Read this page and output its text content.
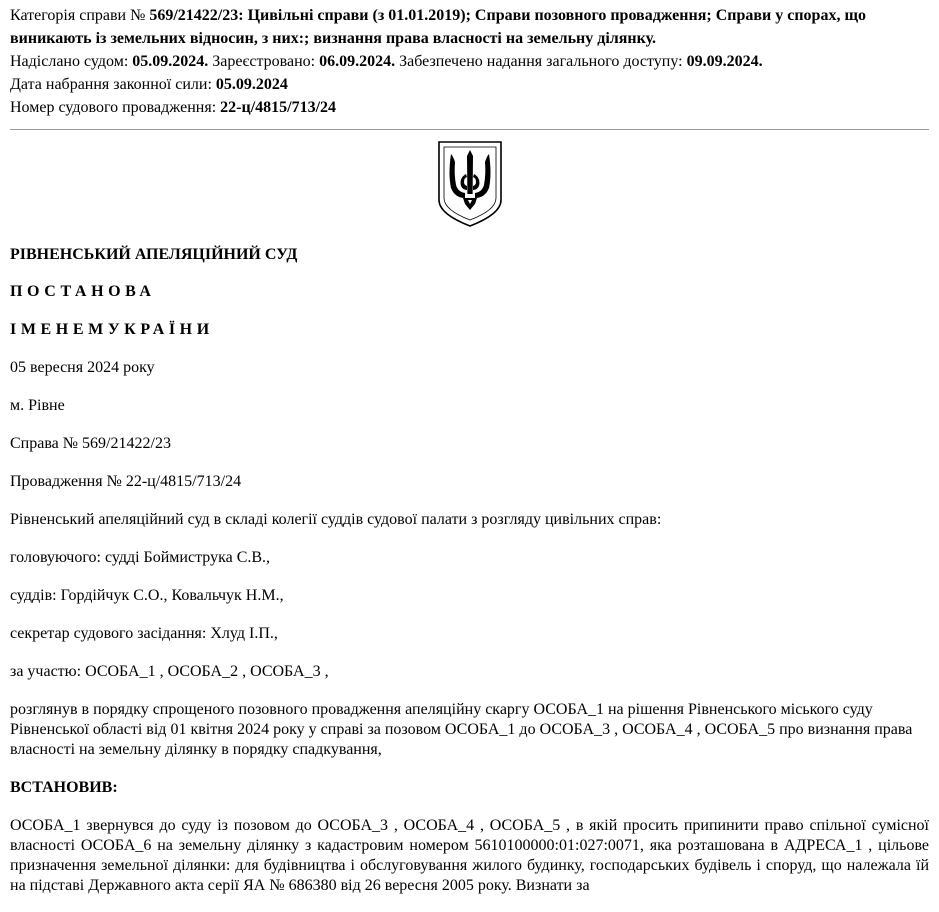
Категорія справи № 569/21422/23: Цивільні справи (з 01.01.2019); Справи позовного провадження; Справи у спорах, що виникають із земельних відносин, з них:; визнання права власності на земельну ділянку.
Надіслано судом: 05.09.2024. Зареєстровано: 06.09.2024. Забезпечено надання загального доступу: 09.09.2024.
Дата набрання законної сили: 05.09.2024
Номер судового провадження: 22-ц/4815/713/24

РІВНЕНСЬКИЙ АПЕЛЯЦІЙНИЙ СУД

ПОСТАНОВА

ІМЕНЕМУКРАЇНИ

05 вересня 2024 року

м. Рівне

Справа № 569/21422/23

Провадження № 22-ц/4815/713/24

Рівненський апеляційний суд в складі колегії суддів судової палати з розгляду цивільних справ:

головуючого: судді Боймиструка С.В.,

суддів: Гордійчук С.О., Ковальчук Н.М.,

секретар судового засідання: Хлуд І.П.,

за участю: ОСОБА_1 , ОСОБА_2 , ОСОБА_3 ,

розглянув в порядку спрощеного позовного провадження апеляційну скаргу ОСОБА_1 на рішення Рівненського міського суду Рівненської області від 01 квітня 2024 року у справі за позовом ОСОБА_1 до ОСОБА_3 , ОСОБА_4 , ОСОБА_5 про визнання права власності на земельну ділянку в порядку спадкування,

ВСТАНОВИВ:

ОСОБА_1 звернувся до суду із позовом до ОСОБА_3 , ОСОБА_4 , ОСОБА_5 , в якій просить припинити право спільної сумісної власності ОСОБА_6 на земельну ділянку з кадастровим номером 5610100000:01:027:0071, яка розташована в АДРЕСА_1 , цільове призначення земельної ділянки: для будівництва і обслуговування жилого будинку, господарських будівель і споруд, що належала їй на підставі Державного акта серії ЯА № 686380 від 26 вересня 2005 року. Визнати за
